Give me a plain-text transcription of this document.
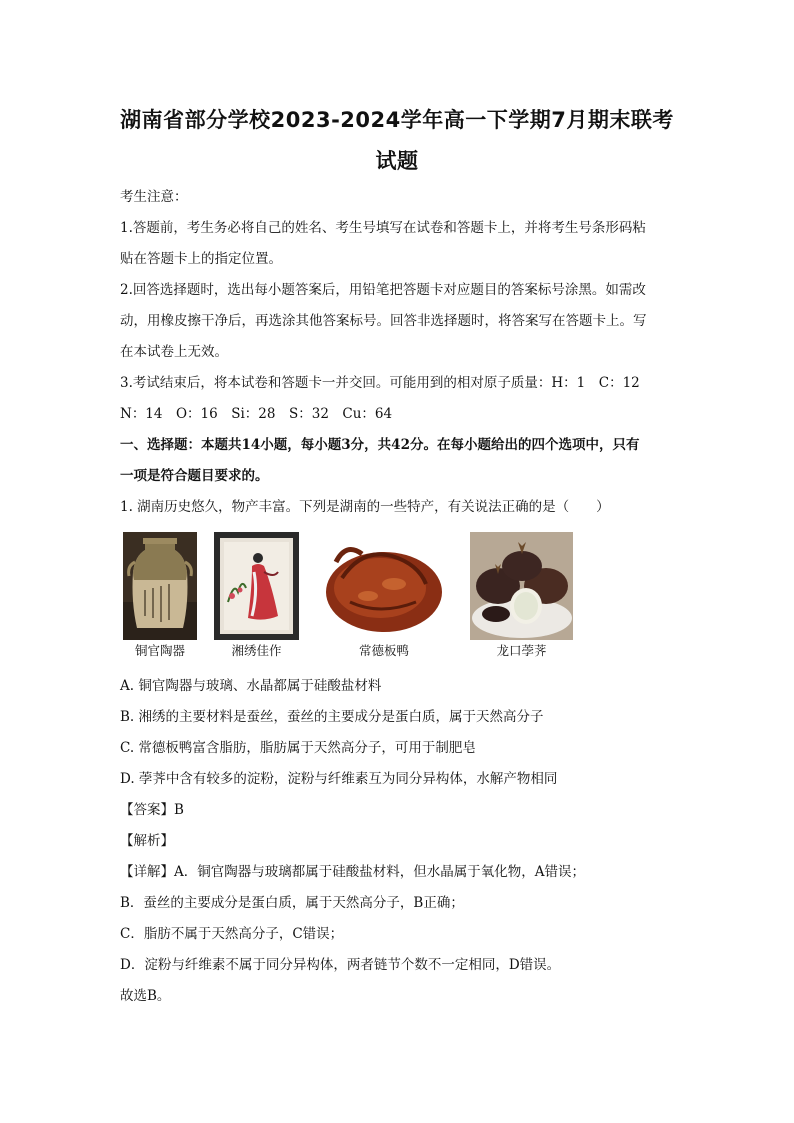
湖南省部分学校2023-2024学年高一下学期7月期末联考
试题
考生注意：
1.答题前，考生务必将自己的姓名、考生号填写在试卷和答题卡上，并将考生号条形码粘
贴在答题卡上的指定位置。
2.回答选择题时，选出每小题答案后，用铅笔把答题卡对应题目的答案标号涂黑。如需改
动，用橡皮擦干净后，再选涂其他答案标号。回答非选择题时，将答案写在答题卡上。写
在本试卷上无效。
3.考试结束后，将本试卷和答题卡一并交回。可能用到的相对原子质量：H：1　C：12
N：14　O：16　Si：28　S：32　Cu：64
一、选择题：本题共14小题，每小题3分，共42分。在每小题给出的四个选项中，只有
一项是符合题目要求的。
1. 湖南历史悠久，物产丰富。下列是湖南的一些特产，有关说法正确的是（　　）
铜官陶器	湘绣佳作	常德板鸭	龙口荸荠
A. 铜官陶器与玻璃、水晶都属于硅酸盐材料
B. 湘绣的主要材料是蚕丝，蚕丝的主要成分是蛋白质，属于天然高分子
C. 常德板鸭富含脂肪，脂肪属于天然高分子，可用于制肥皂
D. 荸荠中含有较多的淀粉，淀粉与纤维素互为同分异构体，水解产物相同
【答案】B
【解析】
【详解】A．铜官陶器与玻璃都属于硅酸盐材料，但水晶属于氧化物，A错误；
B．蚕丝的主要成分是蛋白质，属于天然高分子，B正确；
C．脂肪不属于天然高分子，C错误；
D．淀粉与纤维素不属于同分异构体，两者链节个数不一定相同，D错误。
故选B。
